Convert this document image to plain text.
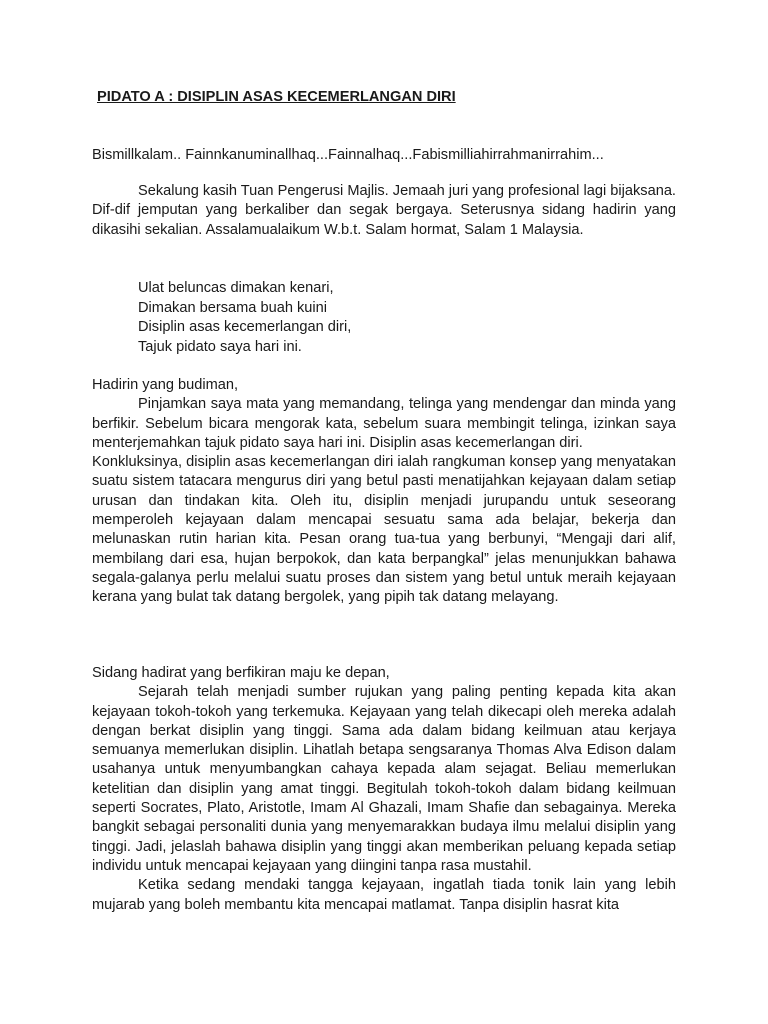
PIDATO A : DISIPLIN ASAS KECEMERLANGAN DIRI
Bismillkalam.. Fainnkanuminallhaq...Fainnalhaq...Fabismilliahirrahmanirrahim...

Sekalung kasih Tuan Pengerusi Majlis. Jemaah juri yang profesional lagi bijaksana. Dif-dif jemputan yang berkaliber dan segak bergaya. Seterusnya sidang hadirin yang dikasihi sekalian. Assalamualaikum W.b.t. Salam hormat, Salam 1 Malaysia.

Ulat beluncas dimakan kenari,
Dimakan bersama buah kuini
Disiplin asas kecemerlangan diri,
Tajuk pidato saya hari ini.

Hadirin yang budiman,

Pinjamkan saya mata yang memandang, telinga yang mendengar dan minda yang berfikir. Sebelum bicara mengorak kata, sebelum suara membingit telinga, izinkan saya menterjemahkan tajuk pidato saya hari ini. Disiplin asas kecemerlangan diri.

Konkluksinya, disiplin asas kecemerlangan diri ialah rangkuman konsep yang menyatakan suatu sistem tatacara mengurus diri yang betul pasti menatijahkan kejayaan dalam setiap urusan dan tindakan kita. Oleh itu, disiplin menjadi jurupandu untuk seseorang memperoleh kejayaan dalam mencapai sesuatu sama ada belajar, bekerja dan melunaskan rutin harian kita. Pesan orang tua-tua yang berbunyi, “Mengaji dari alif, membilang dari esa, hujan berpokok, dan kata berpangkal” jelas menunjukkan bahawa segala-galanya perlu melalui suatu proses dan sistem yang betul untuk meraih kejayaan kerana yang bulat tak datang bergolek, yang pipih tak datang melayang.

Sidang hadirat yang berfikiran maju ke depan,

Sejarah telah menjadi sumber rujukan yang paling penting kepada kita akan kejayaan tokoh-tokoh yang terkemuka. Kejayaan yang telah dikecapi oleh mereka adalah dengan berkat disiplin yang tinggi. Sama ada dalam bidang keilmuan atau kerjaya semuanya memerlukan disiplin. Lihatlah betapa sengsaranya Thomas Alva Edison dalam usahanya untuk menyumbangkan cahaya kepada alam sejagat. Beliau memerlukan ketelitian dan disiplin yang amat tinggi. Begitulah tokoh-tokoh dalam bidang keilmuan seperti Socrates, Plato, Aristotle, Imam Al Ghazali, Imam Shafie dan sebagainya. Mereka bangkit sebagai personaliti dunia yang menyemarakkan budaya ilmu melalui disiplin yang tinggi. Jadi, jelaslah bahawa disiplin yang tinggi akan memberikan peluang kepada setiap individu untuk mencapai kejayaan yang diingini tanpa rasa mustahil.

Ketika sedang mendaki tangga kejayaan, ingatlah tiada tonik lain yang lebih mujarab yang boleh membantu kita mencapai matlamat. Tanpa disiplin hasrat kita
